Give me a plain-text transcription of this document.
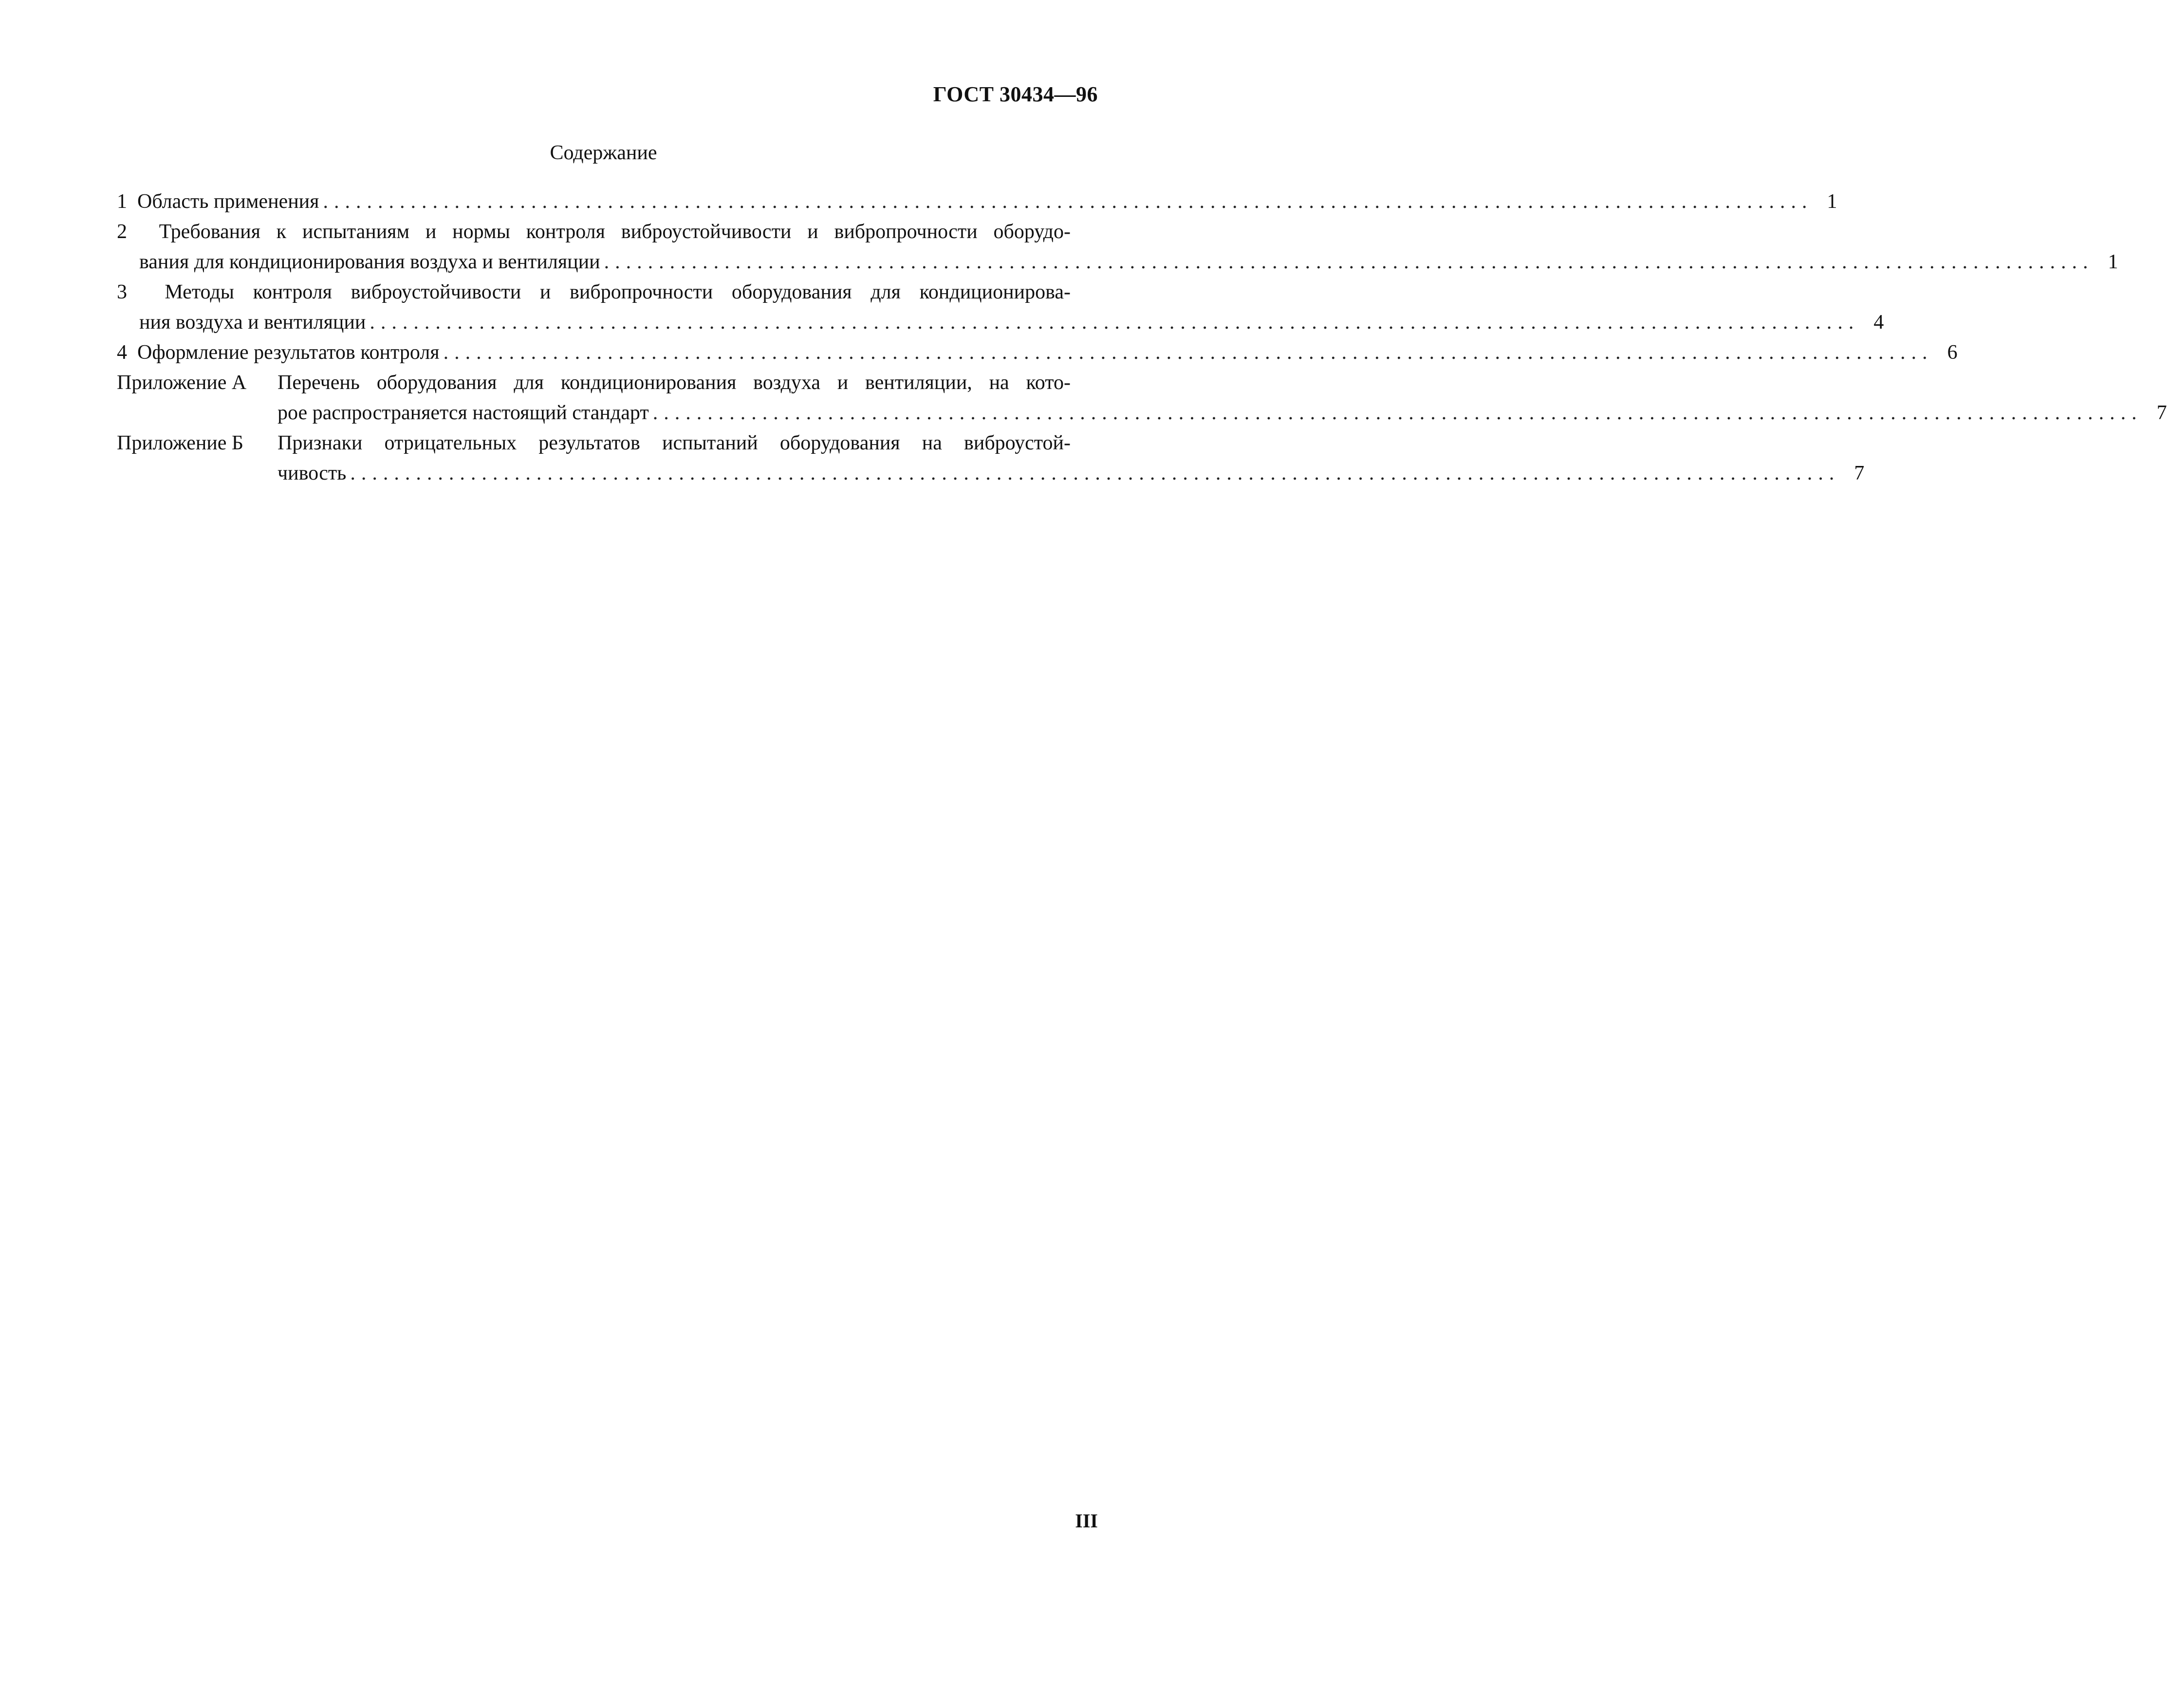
ГОСТ 30434—96
Содержание
1 Область применения ........................................................................................................................................ 1
2 Требования к испытаниям и нормы контроля виброустойчивости и вибропрочности оборудо-
вания для кондиционирования воздуха и вентиляции ........................................................................................................................................ 1
3 Методы контроля виброустойчивости и вибропрочности оборудования для кондиционирова-
ния воздуха и вентиляции ........................................................................................................................................ 4
4 Оформление результатов контроля ........................................................................................................................................ 6
Приложение А	Перечень оборудования для кондиционирования воздуха и вентиляции, на кото-
рое распространяется настоящий стандарт ........................................................................................................................................ 7
Приложение Б	Признаки отрицательных результатов испытаний оборудования на виброустой-
чивость ........................................................................................................................................ 7
III
